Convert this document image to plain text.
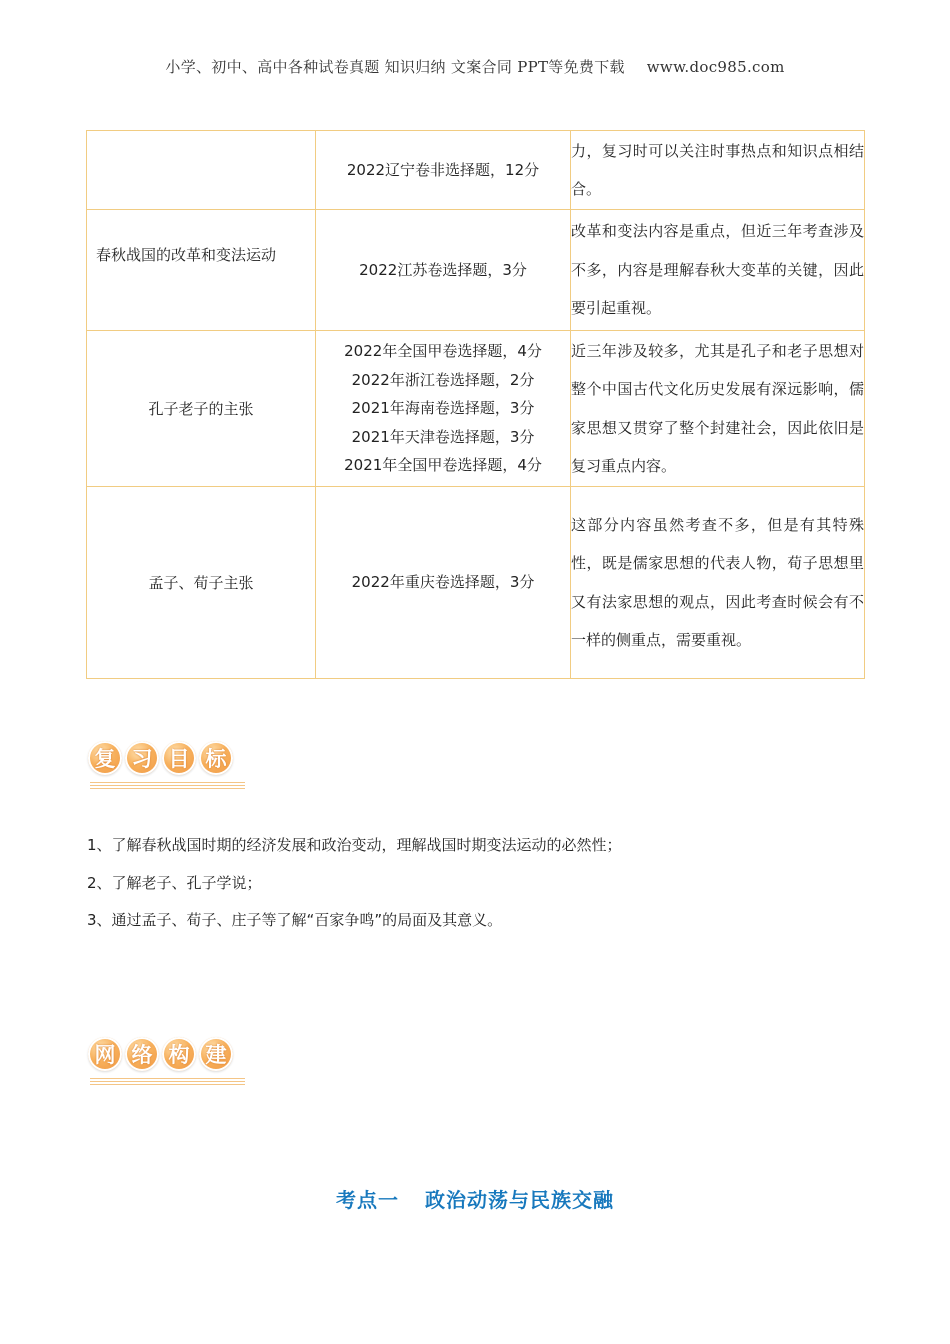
小学、初中、高中各种试卷真题 知识归纳 文案合同 PPT等免费下载 www.doc985.com

	2022辽宁卷非选择题，12分	力，复习时可以关注时事热点和知识点相结合。
春秋战国的改革和变法运动	2022江苏卷选择题，3分	改革和变法内容是重点，但近三年考查涉及不多，内容是理解春秋大变革的关键，因此要引起重视。
孔子老子的主张	2022年全国甲卷选择题，4分
2022年浙江卷选择题，2分
2021年海南卷选择题，3分
2021年天津卷选择题，3分
2021年全国甲卷选择题，4分	近三年涉及较多，尤其是孔子和老子思想对整个中国古代文化历史发展有深远影响，儒家思想又贯穿了整个封建社会，因此依旧是复习重点内容。
孟子、荀子主张	2022年重庆卷选择题，3分	这部分内容虽然考查不多，但是有其特殊性，既是儒家思想的代表人物，荀子思想里又有法家思想的观点，因此考查时候会有不一样的侧重点，需要重视。
复 习 目 标

1、了解春秋战国时期的经济发展和政治变动，理解战国时期变法运动的必然性；

2、了解老子、孔子学说；

3、通过孟子、荀子、庄子等了解“百家争鸣”的局面及其意义。

网 络 构 建
考点一 政治动荡与民族交融
